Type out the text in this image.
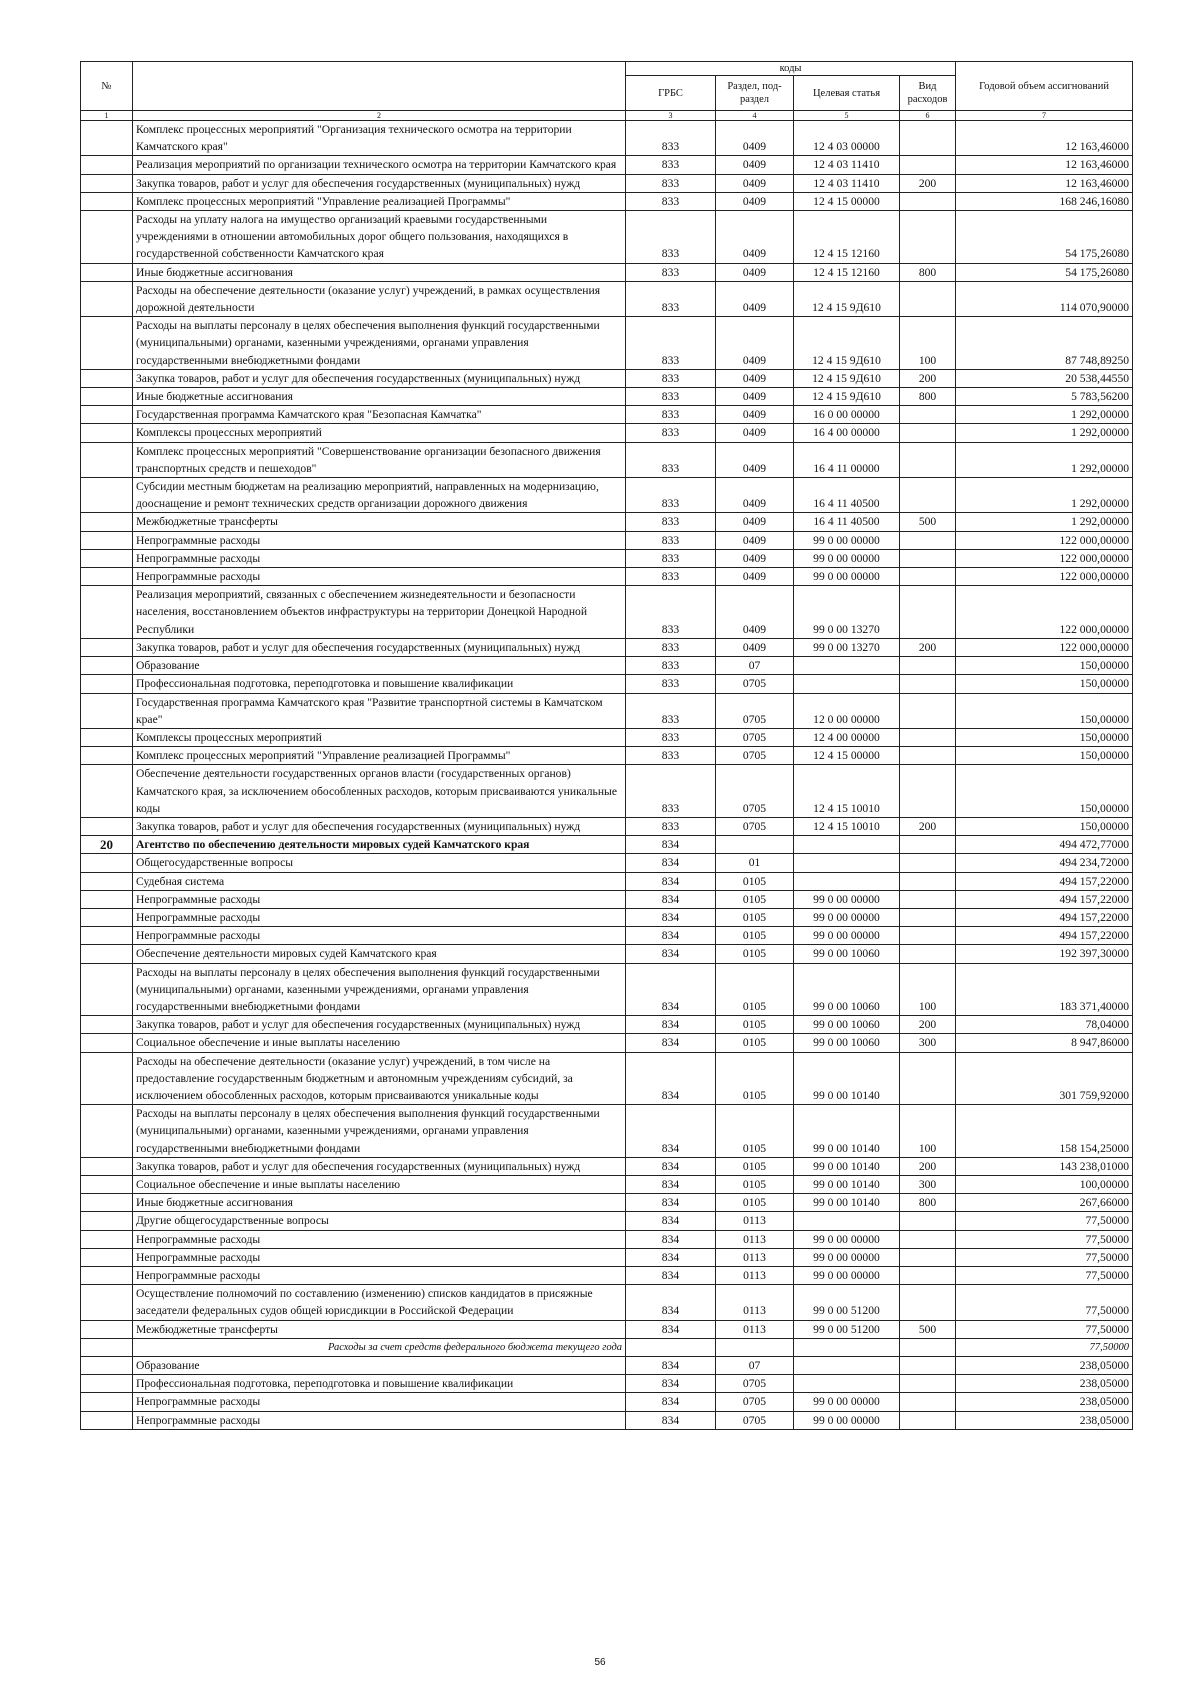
№		коды				Годовой объем ассигнований
		ГРБС	Раздел, под-раздел	Целевая статья	Вид расходов	
1	2	3	4	5	6	7
	Комплекс процессных мероприятий "Организация технического осмотра на территории Камчатского края"	833	0409	12 4 03 00000		12 163,46000
	Реализация мероприятий по организации технического осмотра на территории Камчатского края	833	0409	12 4 03 11410		12 163,46000
	Закупка товаров, работ и услуг для обеспечения государственных (муниципальных) нужд	833	0409	12 4 03 11410	200	12 163,46000
	Комплекс процессных мероприятий "Управление реализацией Программы"	833	0409	12 4 15 00000		168 246,16080
	Расходы на уплату налога на имущество организаций краевыми государственными учреждениями в отношении автомобильных дорог общего пользования, находящихся в государственной собственности Камчатского края	833	0409	12 4 15 12160		54 175,26080
	Иные бюджетные ассигнования	833	0409	12 4 15 12160	800	54 175,26080
	Расходы на обеспечение деятельности (оказание услуг) учреждений, в рамках осуществления дорожной деятельности	833	0409	12 4 15 9Д610		114 070,90000
	Расходы на выплаты персоналу в целях обеспечения выполнения функций государственными (муниципальными) органами, казенными учреждениями, органами управления государственными внебюджетными фондами	833	0409	12 4 15 9Д610	100	87 748,89250
	Закупка товаров, работ и услуг для обеспечения государственных (муниципальных) нужд	833	0409	12 4 15 9Д610	200	20 538,44550
	Иные бюджетные ассигнования	833	0409	12 4 15 9Д610	800	5 783,56200
	Государственная программа Камчатского края "Безопасная Камчатка"	833	0409	16 0 00 00000		1 292,00000
	Комплексы процессных мероприятий	833	0409	16 4 00 00000		1 292,00000
	Комплекс процессных мероприятий "Совершенствование организации безопасного движения транспортных средств и пешеходов"	833	0409	16 4 11 00000		1 292,00000
	Субсидии местным бюджетам на реализацию мероприятий, направленных на модернизацию, дооснащение и ремонт технических средств организации дорожного движения	833	0409	16 4 11 40500		1 292,00000
	Межбюджетные трансферты	833	0409	16 4 11 40500	500	1 292,00000
	Непрограммные расходы	833	0409	99 0 00 00000		122 000,00000
	Непрограммные расходы	833	0409	99 0 00 00000		122 000,00000
	Непрограммные расходы	833	0409	99 0 00 00000		122 000,00000
	Реализация мероприятий, связанных с обеспечением жизнедеятельности и безопасности населения, восстановлением объектов инфраструктуры на территории Донецкой Народной Республики	833	0409	99 0 00 13270		122 000,00000
	Закупка товаров, работ и услуг для обеспечения государственных (муниципальных) нужд	833	0409	99 0 00 13270	200	122 000,00000
	Образование	833	07			150,00000
	Профессиональная подготовка, переподготовка и повышение квалификации	833	0705			150,00000
	Государственная программа Камчатского края "Развитие транспортной системы в Камчатском крае"	833	0705	12 0 00 00000		150,00000
	Комплексы процессных мероприятий	833	0705	12 4 00 00000		150,00000
	Комплекс процессных мероприятий "Управление реализацией Программы"	833	0705	12 4 15 00000		150,00000
	Обеспечение деятельности государственных органов власти (государственных органов) Камчатского края, за исключением обособленных расходов, которым присваиваются уникальные коды	833	0705	12 4 15 10010		150,00000
	Закупка товаров, работ и услуг для обеспечения государственных (муниципальных) нужд	833	0705	12 4 15 10010	200	150,00000
20	Агентство по обеспечению деятельности мировых судей Камчатского края	834				494 472,77000
	Общегосударственные вопросы	834	01			494 234,72000
	Судебная система	834	0105			494 157,22000
	Непрограммные расходы	834	0105	99 0 00 00000		494 157,22000
	Непрограммные расходы	834	0105	99 0 00 00000		494 157,22000
	Непрограммные расходы	834	0105	99 0 00 00000		494 157,22000
	Обеспечение деятельности мировых судей Камчатского края	834	0105	99 0 00 10060		192 397,30000
	Расходы на выплаты персоналу в целях обеспечения выполнения функций государственными (муниципальными) органами, казенными учреждениями, органами управления государственными внебюджетными фондами	834	0105	99 0 00 10060	100	183 371,40000
	Закупка товаров, работ и услуг для обеспечения государственных (муниципальных) нужд	834	0105	99 0 00 10060	200	78,04000
	Социальное обеспечение и иные выплаты населению	834	0105	99 0 00 10060	300	8 947,86000
	Расходы на обеспечение деятельности (оказание услуг) учреждений, в том числе на предоставление государственным бюджетным и автономным учреждениям субсидий, за исключением обособленных расходов, которым присваиваются уникальные коды	834	0105	99 0 00 10140		301 759,92000
	Расходы на выплаты персоналу в целях обеспечения выполнения функций государственными (муниципальными) органами, казенными учреждениями, органами управления государственными внебюджетными фондами	834	0105	99 0 00 10140	100	158 154,25000
	Закупка товаров, работ и услуг для обеспечения государственных (муниципальных) нужд	834	0105	99 0 00 10140	200	143 238,01000
	Социальное обеспечение и иные выплаты населению	834	0105	99 0 00 10140	300	100,00000
	Иные бюджетные ассигнования	834	0105	99 0 00 10140	800	267,66000
	Другие общегосударственные вопросы	834	0113			77,50000
	Непрограммные расходы	834	0113	99 0 00 00000		77,50000
	Непрограммные расходы	834	0113	99 0 00 00000		77,50000
	Непрограммные расходы	834	0113	99 0 00 00000		77,50000
	Осуществление полномочий по составлению (изменению) списков кандидатов в присяжные заседатели федеральных судов общей юрисдикции в Российской Федерации	834	0113	99 0 00 51200		77,50000
	Межбюджетные трансферты	834	0113	99 0 00 51200	500	77,50000
	Расходы за счет средств федерального бюджета текущего года					77,50000
	Образование	834	07			238,05000
	Профессиональная подготовка, переподготовка и повышение квалификации	834	0705			238,05000
	Непрограммные расходы	834	0705	99 0 00 00000		238,05000
	Непрограммные расходы	834	0705	99 0 00 00000		238,05000
56
